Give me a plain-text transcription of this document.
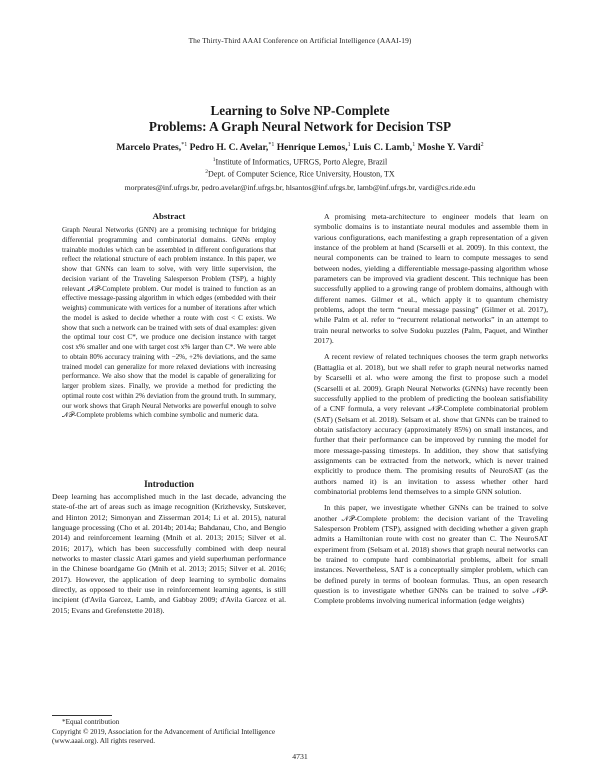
The Thirty-Third AAAI Conference on Artificial Intelligence (AAAI-19)
Learning to Solve NP-Complete
Problems: A Graph Neural Network for Decision TSP
Marcelo Prates,$^{*1}$ Pedro H. C. Avelar,$^{*1}$ Henrique Lemos,$^1$ Luis C. Lamb,$^1$ Moshe Y. Vardi$^2$
$^1$Institute of Informatics, UFRGS, Porto Alegre, Brazil
$^2$Dept. of Computer Science, Rice University, Houston, TX
morprates@inf.ufrgs.br, pedro.avelar@inf.ufrgs.br, hlsantos@inf.ufrgs.br, lamb@inf.ufrgs.br, vardi@cs.ride.edu
Abstract
Graph Neural Networks (GNN) are a promising technique for bridging differential programming and combinatorial domains. GNNs employ trainable modules which can be assembled in different configurations that reflect the relational structure of each problem instance. In this paper, we show that GNNs can learn to solve, with very little supervision, the decision variant of the Traveling Salesperson Problem (TSP), a highly relevant 𝒩𝒫-Complete problem. Our model is trained to function as an effective message-passing algorithm in which edges (embedded with their weights) communicate with vertices for a number of iterations after which the model is asked to decide whether a route with cost < C exists. We show that such a network can be trained with sets of dual examples: given the optimal tour cost C*, we produce one decision instance with target cost x% smaller and one with target cost x% larger than C*. We were able to obtain 80% accuracy training with −2%, +2% deviations, and the same trained model can generalize for more relaxed deviations with increasing performance. We also show that the model is capable of generalizing for larger problem sizes. Finally, we provide a method for predicting the optimal route cost within 2% deviation from the ground truth. In summary, our work shows that Graph Neural Networks are powerful enough to solve 𝒩𝒫-Complete problems which combine symbolic and numeric data.
Introduction
Deep learning has accomplished much in the last decade, advancing the state-of-the art of areas such as image recognition (Krizhevsky, Sutskever, and Hinton 2012; Simonyan and Zisserman 2014; Li et al. 2015), natural language processing (Cho et al. 2014b; 2014a; Bahdanau, Cho, and Bengio 2014) and reinforcement learning (Mnih et al. 2013; 2015; Silver et al. 2016; 2017), which has been successfully combined with deep neural networks to master classic Atari games and yield superhuman performance in the Chinese boardgame Go (Mnih et al. 2013; 2015; Silver et al. 2016; 2017). However, the application of deep learning to symbolic domains directly, as opposed to their use in reinforcement learning agents, is still incipient (d'Avila Garcez, Lamb, and Gabbay 2009; d'Avila Garcez et al. 2015; Evans and Grefenstette 2018).
*Equal contribution
Copyright © 2019, Association for the Advancement of Artificial Intelligence (www.aaai.org). All rights reserved.

A promising meta-architecture to engineer models that learn on symbolic domains is to instantiate neural modules and assemble them in various configurations, each manifesting a graph representation of a given instance of the problem at hand (Scarselli et al. 2009). In this context, the neural components can be trained to learn to compute messages to send between nodes, yielding a differentiable message-passing algorithm whose parameters can be improved via gradient descent. This technique has been successfully applied to a growing range of problem domains, although with different names. Gilmer et al., which apply it to quantum chemistry problems, adopt the term “neural message passing” (Gilmer et al. 2017), while Palm et al. refer to “recurrent relational networks” in an attempt to train neural networks to solve Sudoku puzzles (Palm, Paquet, and Winther 2017).

A recent review of related techniques chooses the term graph networks (Battaglia et al. 2018), but we shall refer to graph neural networks named by Scarselli et al. who were among the first to propose such a model (Scarselli et al. 2009). Graph Neural Networks (GNNs) have recently been successfully applied to the problem of predicting the boolean satisfiability of a CNF formula, a very relevant 𝒩𝒫-Complete combinatorial problem (SAT) (Selsam et al. 2018). Selsam et al. show that GNNs can be trained to obtain satisfactory accuracy (approximately 85%) on small instances, and further that their performance can be improved by running the model for more message-passing timesteps. In addition, they show that satisfying assignments can be extracted from the network, which is never trained explicitly to produce them. The promising results of NeuroSAT (as the authors named it) is an invitation to assess whether other hard combinatorial problems lend themselves to a simple GNN solution.

In this paper, we investigate whether GNNs can be trained to solve another 𝒩𝒫-Complete problem: the decision variant of the Traveling Salesperson Problem (TSP), assigned with deciding whether a given graph admits a Hamiltonian route with cost no greater than C. The NeuroSAT experiment from (Selsam et al. 2018) shows that graph neural networks can be trained to compute hard combinatorial problems, albeit for small instances. Nevertheless, SAT is a conceptually simpler problem, which can be defined purely in terms of boolean formulas. Thus, an open research question is to investigate whether GNNs can be trained to solve 𝒩𝒫-Complete problems involving numerical information (edge weights)

4731
